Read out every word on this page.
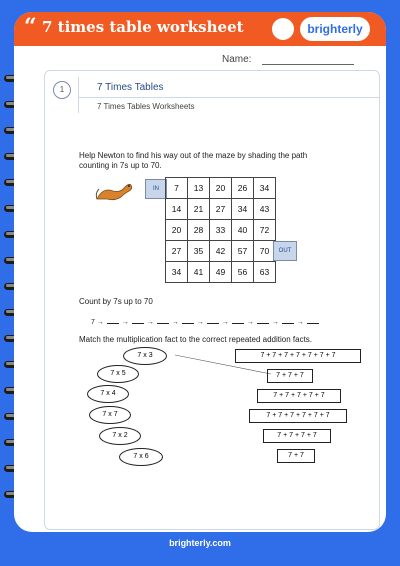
“ 7 times table worksheet	brighterly
Name:
1	7 Times Tables
7 Times Tables Worksheets
Help Newton to find his way out of the maze by shading the path
counting in 7s up to 70.
IN	7	13	20	26	34
14	21	27	34	43
20	28	33	40	72
27	35	42	57	70
34	41	49	56	63
OUT
Count by 7s up to 70
7 →	→	→	→	→	→	→	→	→
Match the multiplication fact to the correct repeated addition facts.
7 x 3
7 x 5
7 x 4
7 x 7
7 x 2
7 x 6
7 + 7 + 7 + 7 + 7 + 7 + 7
7 + 7 + 7
7 + 7 + 7 + 7 + 7
7 + 7 + 7 + 7 + 7 + 7
7 + 7 + 7 + 7
7 + 7
brighterly.com
